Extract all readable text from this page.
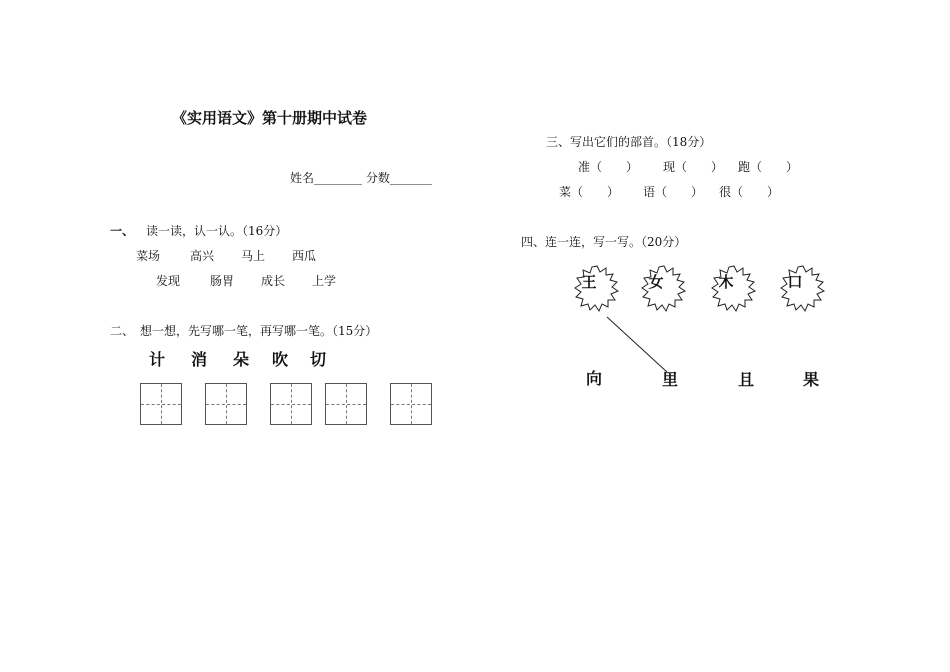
《实用语文》第十册期中试卷
姓名________ 分数_______
一、 读一读，认一认。（16分）
菜场 高兴 马上 西瓜
发现 肠胃 成长 上学
二、　想一想，先写哪一笔，再写哪一笔。（15分）
计 消 朵 吹 切
三、写出它们的部首。（18分）
准（　　） 现（　　） 跑（　　）
菜（　　） 语（　　） 很（　　）
四、连一连，写一写。（20分）
王	女	木	口
向	里	且	果
